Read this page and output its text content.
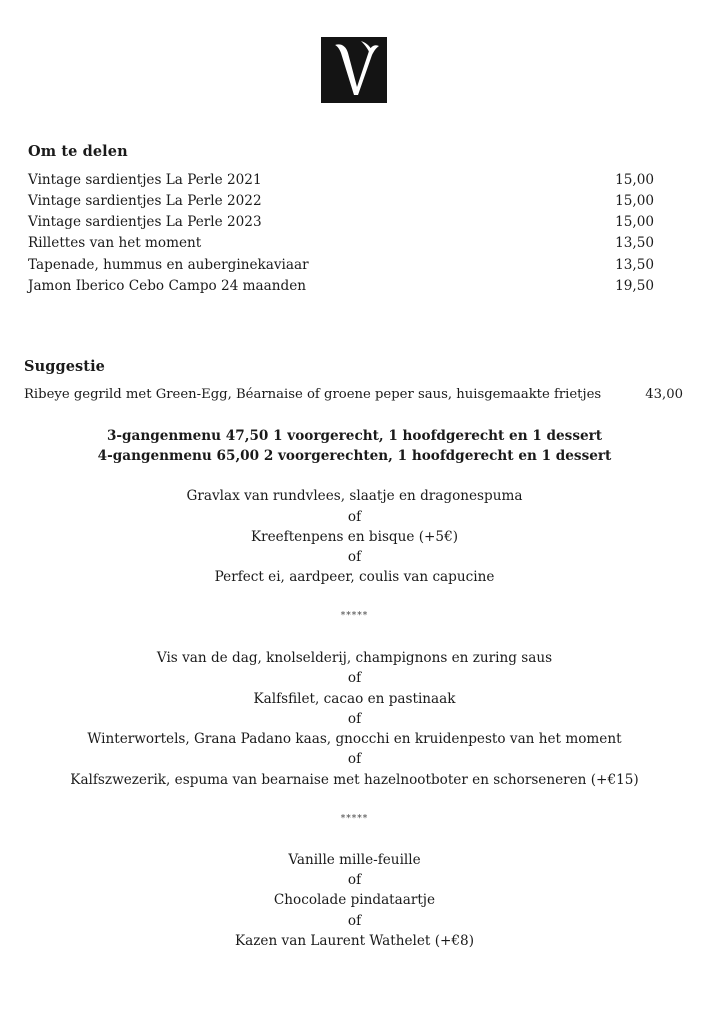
Om te delen
Vintage sardientjes La Perle 2021	15,00
Vintage sardientjes La Perle 2022	15,00
Vintage sardientjes La Perle 2023	15,00
Rillettes van het moment	13,50
Tapenade, hummus en auberginekaviaar	13,50
Jamon Iberico Cebo Campo 24 maanden	19,50
Suggestie
Ribeye gegrild met Green-Egg, Béarnaise of groene peper saus, huisgemaakte frietjes	43,00
3-gangenmenu 47,50 1 voorgerecht, 1 hoofdgerecht en 1 dessert
4-gangenmenu 65,00 2 voorgerechten, 1 hoofdgerecht en 1 dessert
Gravlax van rundvlees, slaatje en dragonespuma
of
Kreeftenpens en bisque (+5€)
of
Perfect ei, aardpeer, coulis van capucine
*****
Vis van de dag, knolselderij, champignons en zuring saus
of
Kalfsfilet, cacao en pastinaak
of
Winterwortels, Grana Padano kaas, gnocchi en kruidenpesto van het moment
of
Kalfszwezerik, espuma van bearnaise met hazelnootboter en schorseneren (+€15)
*****
Vanille mille-feuille
of
Chocolade pindataartje
of
Kazen van Laurent Wathelet (+€8)
